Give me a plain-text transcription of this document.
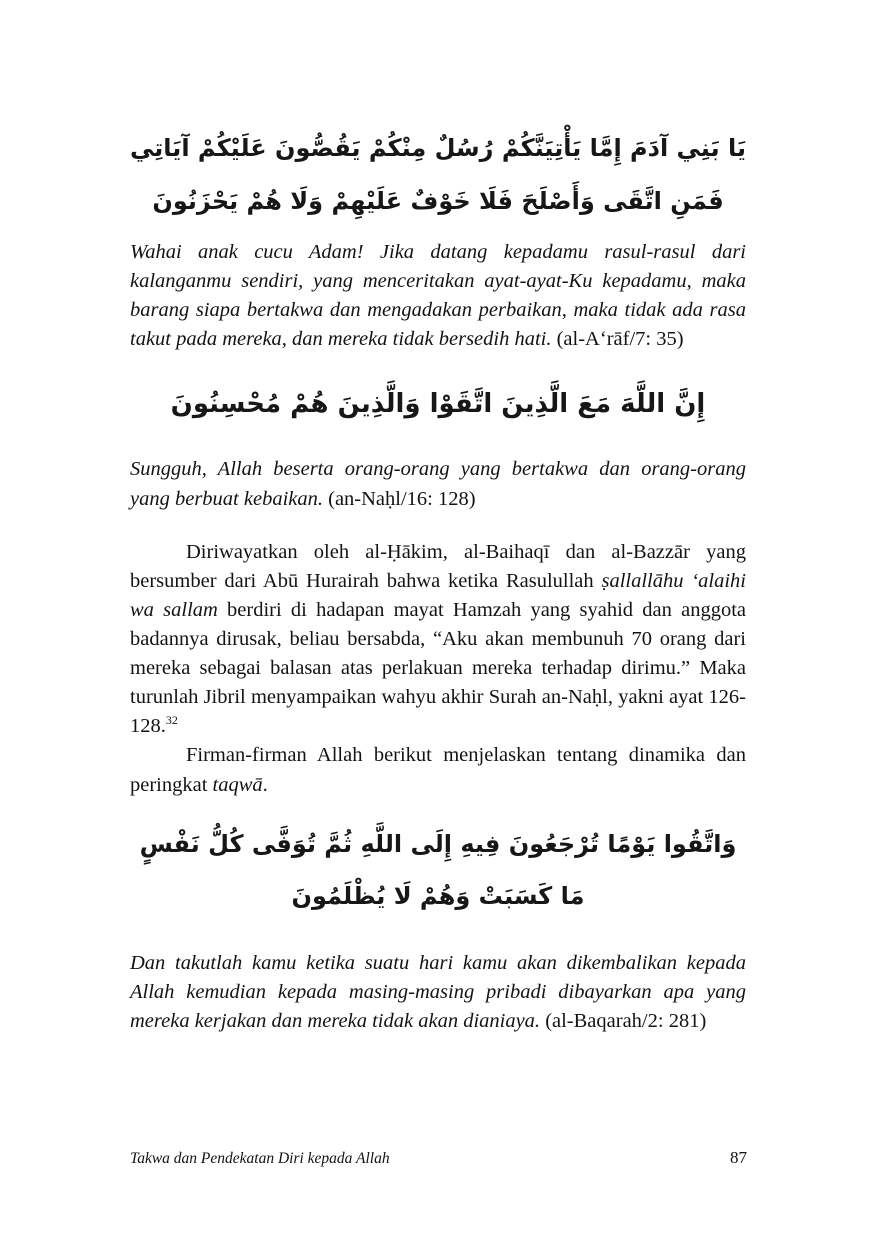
يَا بَنِي آدَمَ إِمَّا يَأْتِيَنَّكُمْ رُسُلٌ مِنْكُمْ يَقُصُّونَ عَلَيْكُمْ آيَاتِي فَمَنِ اتَّقَى وَأَصْلَحَ فَلَا خَوْفٌ عَلَيْهِمْ وَلَا هُمْ يَحْزَنُونَ

Wahai anak cucu Adam! Jika datang kepadamu rasul-rasul dari kalanganmu sendiri, yang menceritakan ayat-ayat-Ku kepadamu, maka barang siapa bertakwa dan mengadakan perbaikan, maka tidak ada rasa takut pada mereka, dan mereka tidak bersedih hati. (al-A‘rāf/7: 35)

إِنَّ اللَّهَ مَعَ الَّذِينَ اتَّقَوْا وَالَّذِينَ هُمْ مُحْسِنُونَ

Sungguh, Allah beserta orang-orang yang bertakwa dan orang-orang yang berbuat kebaikan. (an-Naḥl/16: 128)

Diriwayatkan oleh al-Ḥākim, al-Baihaqī dan al-Bazzār yang bersumber dari Abū Hurairah bahwa ketika Rasulullah ṣallallāhu ‘alaihi wa sallam berdiri di hadapan mayat Hamzah yang syahid dan anggota badannya dirusak, beliau bersabda, “Aku akan membunuh 70 orang dari mereka sebagai balasan atas perlakuan mereka terhadap dirimu.” Maka turunlah Jibril menyampaikan wahyu akhir Surah an-Naḥl, yakni ayat 126-128.32

Firman-firman Allah berikut menjelaskan tentang dinamika dan peringkat taqwā.

وَاتَّقُوا يَوْمًا تُرْجَعُونَ فِيهِ إِلَى اللَّهِ ثُمَّ تُوَفَّى كُلُّ نَفْسٍ مَا كَسَبَتْ وَهُمْ لَا يُظْلَمُونَ

Dan takutlah kamu ketika suatu hari kamu akan dikembalikan kepada Allah kemudian kepada masing-masing pribadi dibayarkan apa yang mereka kerjakan dan mereka tidak akan dianiaya. (al-Baqarah/2: 281)

Takwa dan Pendekatan Diri kepada Allah	87
